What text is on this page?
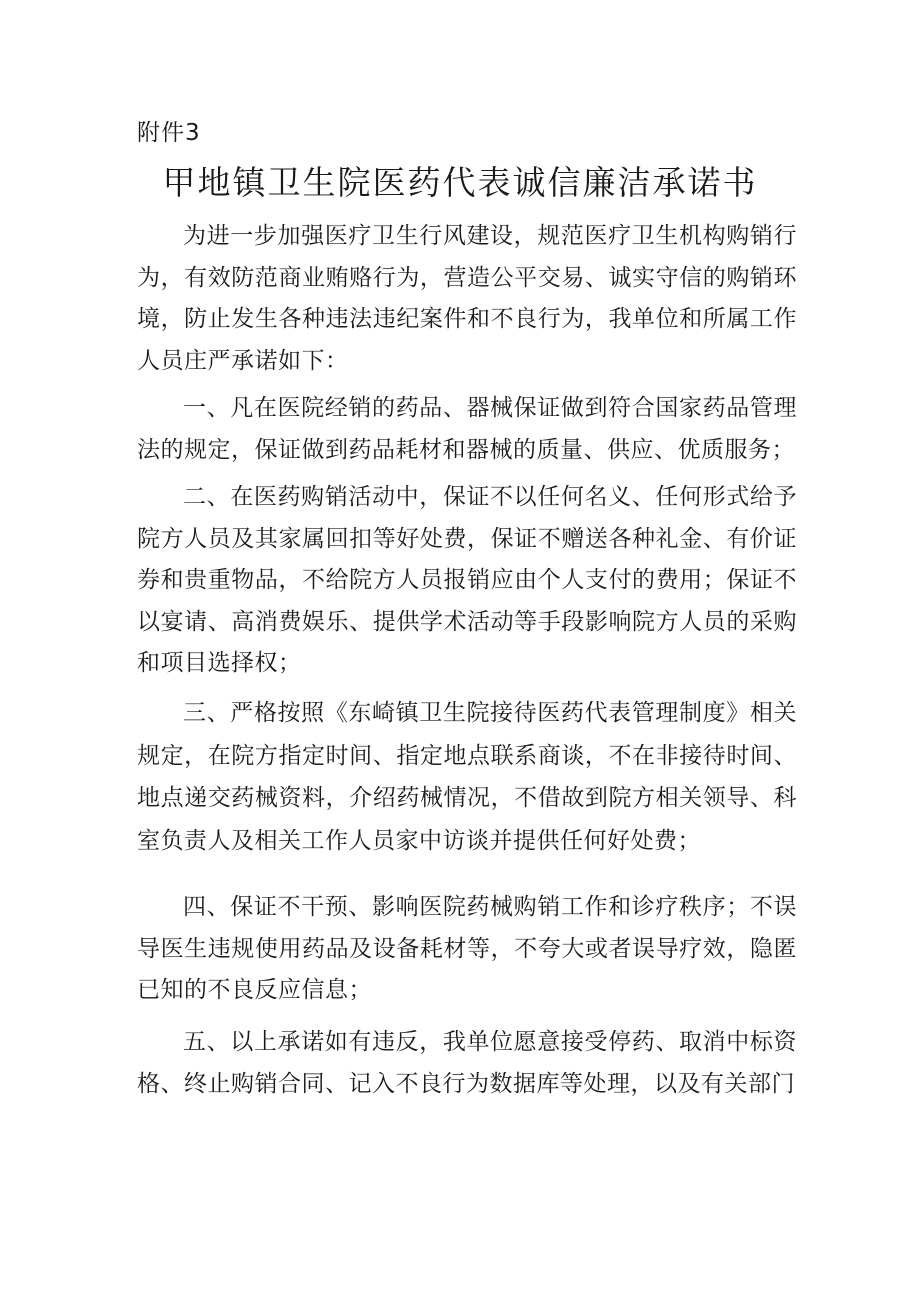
附件3
甲地镇卫生院医药代表诚信廉洁承诺书

为进一步加强医疗卫生行风建设，规范医疗卫生机构购销行为，有效防范商业贿赂行为，营造公平交易、诚实守信的购销环境，防止发生各种违法违纪案件和不良行为，我单位和所属工作人员庄严承诺如下：

一、凡在医院经销的药品、器械保证做到符合国家药品管理法的规定，保证做到药品耗材和器械的质量、供应、优质服务；

二、在医药购销活动中，保证不以任何名义、任何形式给予院方人员及其家属回扣等好处费，保证不赠送各种礼金、有价证券和贵重物品，不给院方人员报销应由个人支付的费用；保证不以宴请、高消费娱乐、提供学术活动等手段影响院方人员的采购和项目选择权；

三、严格按照《东崎镇卫生院接待医药代表管理制度》相关规定，在院方指定时间、指定地点联系商谈，不在非接待时间、地点递交药械资料，介绍药械情况，不借故到院方相关领导、科室负责人及相关工作人员家中访谈并提供任何好处费；

四、保证不干预、影响医院药械购销工作和诊疗秩序；不误导医生违规使用药品及设备耗材等，不夸大或者误导疗效，隐匿已知的不良反应信息；

五、以上承诺如有违反，我单位愿意接受停药、取消中标资格、终止购销合同、记入不良行为数据库等处理，以及有关部门
